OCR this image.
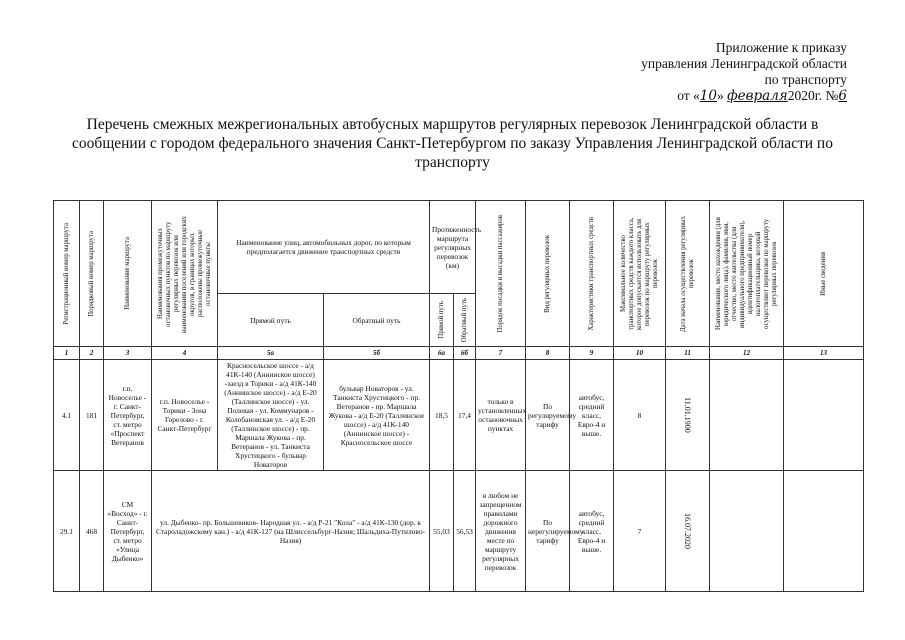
Приложение к приказу
управления Ленинградской области
по транспорту
от «10» февраля2020г. №6
Перечень смежных межрегиональных автобусных маршрутов регулярных перевозок Ленинградской области в сообщении с городом федерального значения Санкт-Петербургом по заказу Управления Ленинградской области по транспорту
Регистрационный номер маршрута	Порядковый номер маршрута	Наименование маршрута	Наименования промежуточных остановочных пунктов по маршруту регулярных перевозок или наименования поселений или городских округов, в границах которых расположены промежуточные остановочные пункты	Наименование улиц, автомобильных дорог, по которым предполагается движение транспортных средств		Протяженность маршрута регулярных перевозок (км)		Порядок посадки и высадки пассажиров	Вид регулярных перевозок	Характеристики транспортных средств	Максимальное количество транспортных средств каждого класса, которое допускается использовать для перевозок по маршруту регулярных перевозок	Дата начала осуществления регулярных перевозок	Наименование, место нахождения (для юридического лица), фамилия, имя, отчество, место жительства (для индивидуального предпринимателя), идентификационный номер налогоплательщика, который осуществляет перевозки по маршруту регулярных перевозок	Иные сведения

				Прямой путь	Обратный путь	Прямой путь	Обратный путь							

1	2	3	4	5а	5б	6а	6б	7	8	9	10	11	12	13
4.1	181	г.п. Новоселье - г. Санкт-Петербург, ст. метро «Проспект Ветеранов	г.п. Новоселье - Торики - Зона Горелово - г. Санкт-Петербург	Красносельское шоссе - а/д 41К-140 (Аннинское шоссе) -заезд в Торики - а/д 41К-140 (Аннинское шоссе) - а/д Е-20 (Таллинское шоссе) - ул. Полевая - ул. Коммунаров - Колобановская ул. - а/д Е-20 (Таллинское шоссе) - пр. Маршала Жукова - пр. Ветеранов - ул. Танкиста Хрустицкого - бульвар Новаторов	бульвар Новаторов - ул. Танкиста Хрустицкого - пр. Ветеранов - пр. Маршала Жукова - а/д Е-20 (Таллинское шоссе) - а/д 41К-140 (Аннинское шоссе) - Красносельское шоссе	18,5	17,4	только в установленных остановочных пунктах	По регулируемому тарифу	автобус, средний класс, Евро-4 и выше.	8	11.01.1900		

29.1	468	СМ «Восход» - г. Санкт-Петербург, ст. метро «Улица Дыбенко»	ул. Дыбенко- пр. Большевиков- Народная ул. - а/д Р-21 "Кола" - а/д 41К-130 (дор. к Староладожскому кан.) - а/д 41К-127 (на Шлиссельбург-Назия; Шальдиха-Путилово- Назия)			55,03	56,53	в любом не запрещенном правилами дорожного движения месте по маршруту регулярных перевозок	По нерегулируемому тарифу	автобус, средний класс, Евро-4 и выше.	7	16.07.2020		
